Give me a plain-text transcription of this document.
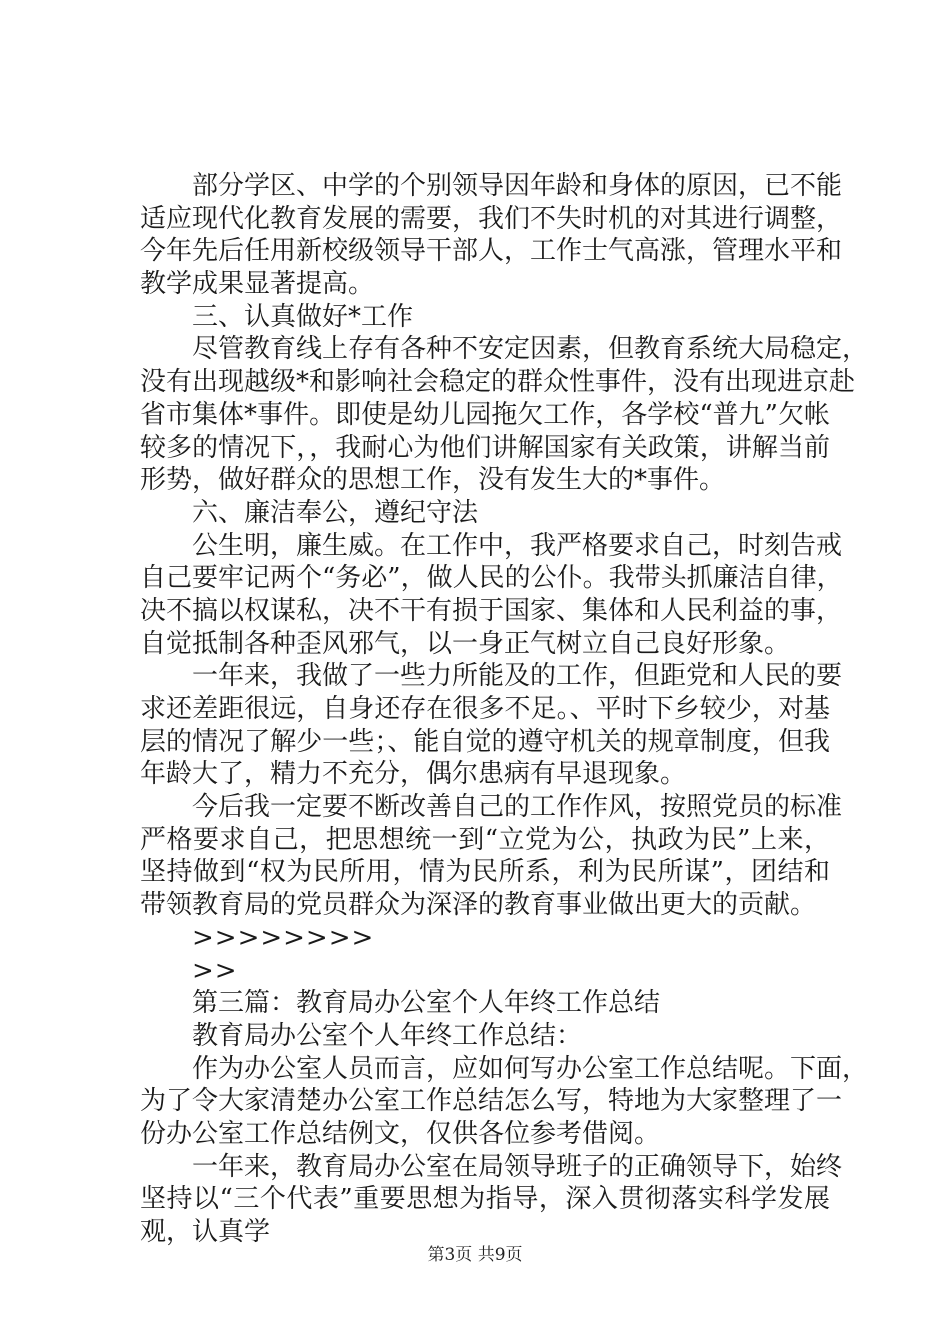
部分学区、中学的个别领导因年龄和身体的原因，已不能
适应现代化教育发展的需要，我们不失时机的对其进行调整，
今年先后任用新校级领导干部人，工作士气高涨，管理水平和
教学成果显著提高。
三、认真做好*工作
尽管教育线上存有各种不安定因素，但教育系统大局稳定，
没有出现越级*和影响社会稳定的群众性事件，没有出现进京赴
省市集体*事件。即使是幼儿园拖欠工作，各学校“普九”欠帐
较多的情况下，，我耐心为他们讲解国家有关政策，讲解当前
形势，做好群众的思想工作，没有发生大的*事件。
六、廉洁奉公，遵纪守法
公生明，廉生威。在工作中，我严格要求自己，时刻告戒
自己要牢记两个“务必”，做人民的公仆。我带头抓廉洁自律，
决不搞以权谋私，决不干有损于国家、集体和人民利益的事，
自觉抵制各种歪风邪气，以一身正气树立自己良好形象。
一年来，我做了一些力所能及的工作，但距党和人民的要
求还差距很远，自身还存在很多不足。、平时下乡较少，对基
层的情况了解少一些；、能自觉的遵守机关的规章制度，但我
年龄大了，精力不充分，偶尔患病有早退现象。
今后我一定要不断改善自己的工作作风，按照党员的标准
严格要求自己，把思想统一到“立党为公，执政为民”上来，
坚持做到“权为民所用，情为民所系，利为民所谋”，团结和
带领教育局的党员群众为深泽的教育事业做出更大的贡献。
>>>>>>>>
>>
第三篇：教育局办公室个人年终工作总结
教育局办公室个人年终工作总结：
作为办公室人员而言，应如何写办公室工作总结呢。下面，
为了令大家清楚办公室工作总结怎么写，特地为大家整理了一
份办公室工作总结例文，仅供各位参考借阅。
一年来，教育局办公室在局领导班子的正确领导下，始终
坚持以“三个代表”重要思想为指导，深入贯彻落实科学发展
观，认真学
第3页 共9页
